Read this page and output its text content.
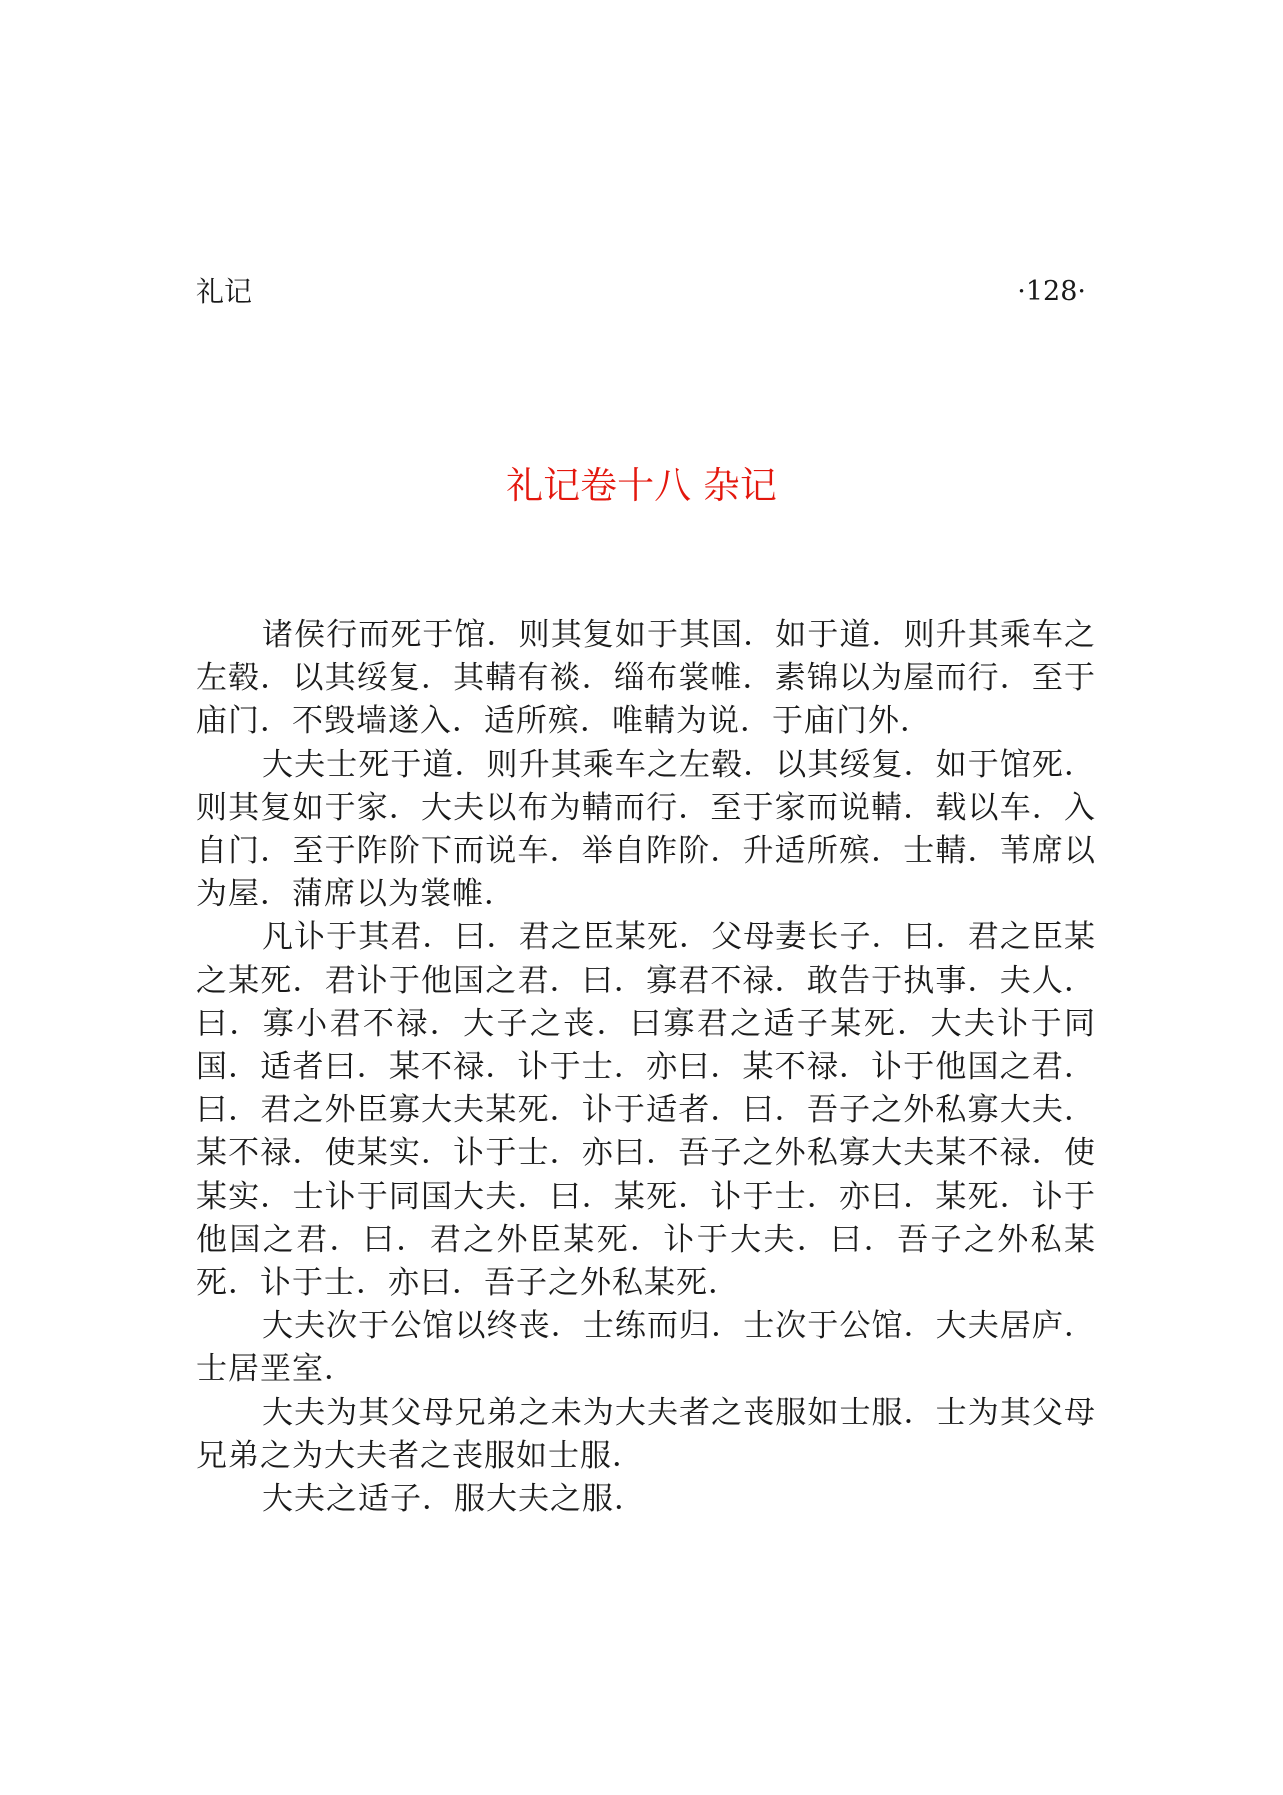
礼记	·128·
礼记卷十八 杂记

诸侯行而死于馆．则其复如于其国．如于道．则升其乘车之左毂．以其绥复．其輤有裧．缁布裳帷．素锦以为屋而行．至于庙门．不毁墙遂入．适所殡．唯輤为说．于庙门外．

大夫士死于道．则升其乘车之左毂．以其绥复．如于馆死．则其复如于家．大夫以布为輤而行．至于家而说輤．载以车．入自门．至于阼阶下而说车．举自阼阶．升适所殡．士輤．苇席以为屋．蒲席以为裳帷．

凡讣于其君．曰．君之臣某死．父母妻长子．曰．君之臣某之某死．君讣于他国之君．曰．寡君不禄．敢告于执事．夫人．曰．寡小君不禄．大子之丧．曰寡君之适子某死．大夫讣于同国．适者曰．某不禄．讣于士．亦曰．某不禄．讣于他国之君．曰．君之外臣寡大夫某死．讣于适者．曰．吾子之外私寡大夫．某不禄．使某实．讣于士．亦曰．吾子之外私寡大夫某不禄．使某实．士讣于同国大夫．曰．某死．讣于士．亦曰．某死．讣于他国之君．曰．君之外臣某死．讣于大夫．曰．吾子之外私某死．讣于士．亦曰．吾子之外私某死．

大夫次于公馆以终丧．士练而归．士次于公馆．大夫居庐．士居垩室．

大夫为其父母兄弟之未为大夫者之丧服如士服．士为其父母兄弟之为大夫者之丧服如士服．

大夫之适子．服大夫之服．
